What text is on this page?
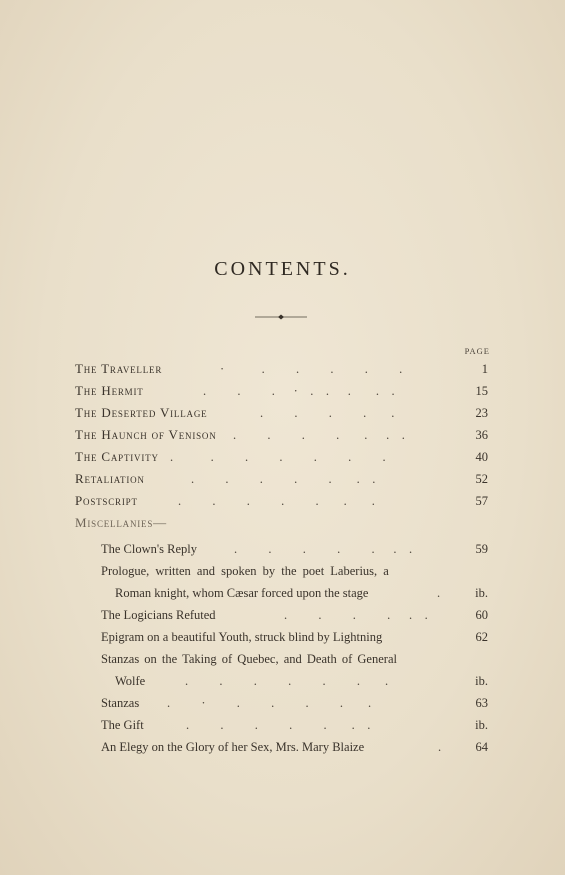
CONTENTS.
PAGE
The Traveller	·      .     .     .     .     .	1
The Hermit	.     .     .   ·  .  .   .    .  .	15
The Deserted Village	.     .     .     .    .	23
The Haunch of Venison .     .     .     .    .   .  .	36
The Captivity .      .     .     .     .     .     .	40
Retaliation	.     .     .     .     .    .  .	52
Postscript	.     .     .     .     .    .    .	57
Miscellanies—
The Clown's Reply	.     .     .     .     .   .  .	59
Prologue, written and spoken by the poet Laberius, a
Roman knight, whom Cæsar forced upon the stage	.	ib.
The Logicians Refuted	.     .     .     .   .  .	60
Epigram on a beautiful Youth, struck blind by Lightning	62
Stanzas on the Taking of Quebec, and Death of General
Wolfe	.     .     .     .     .     .    .	ib.
Stanzas .     ·     .     .     .     .    .	63
The Gift	.     .     .     .     .    .  .	ib.
An Elegy on the Glory of her Sex, Mrs. Mary Blaize	.	64
